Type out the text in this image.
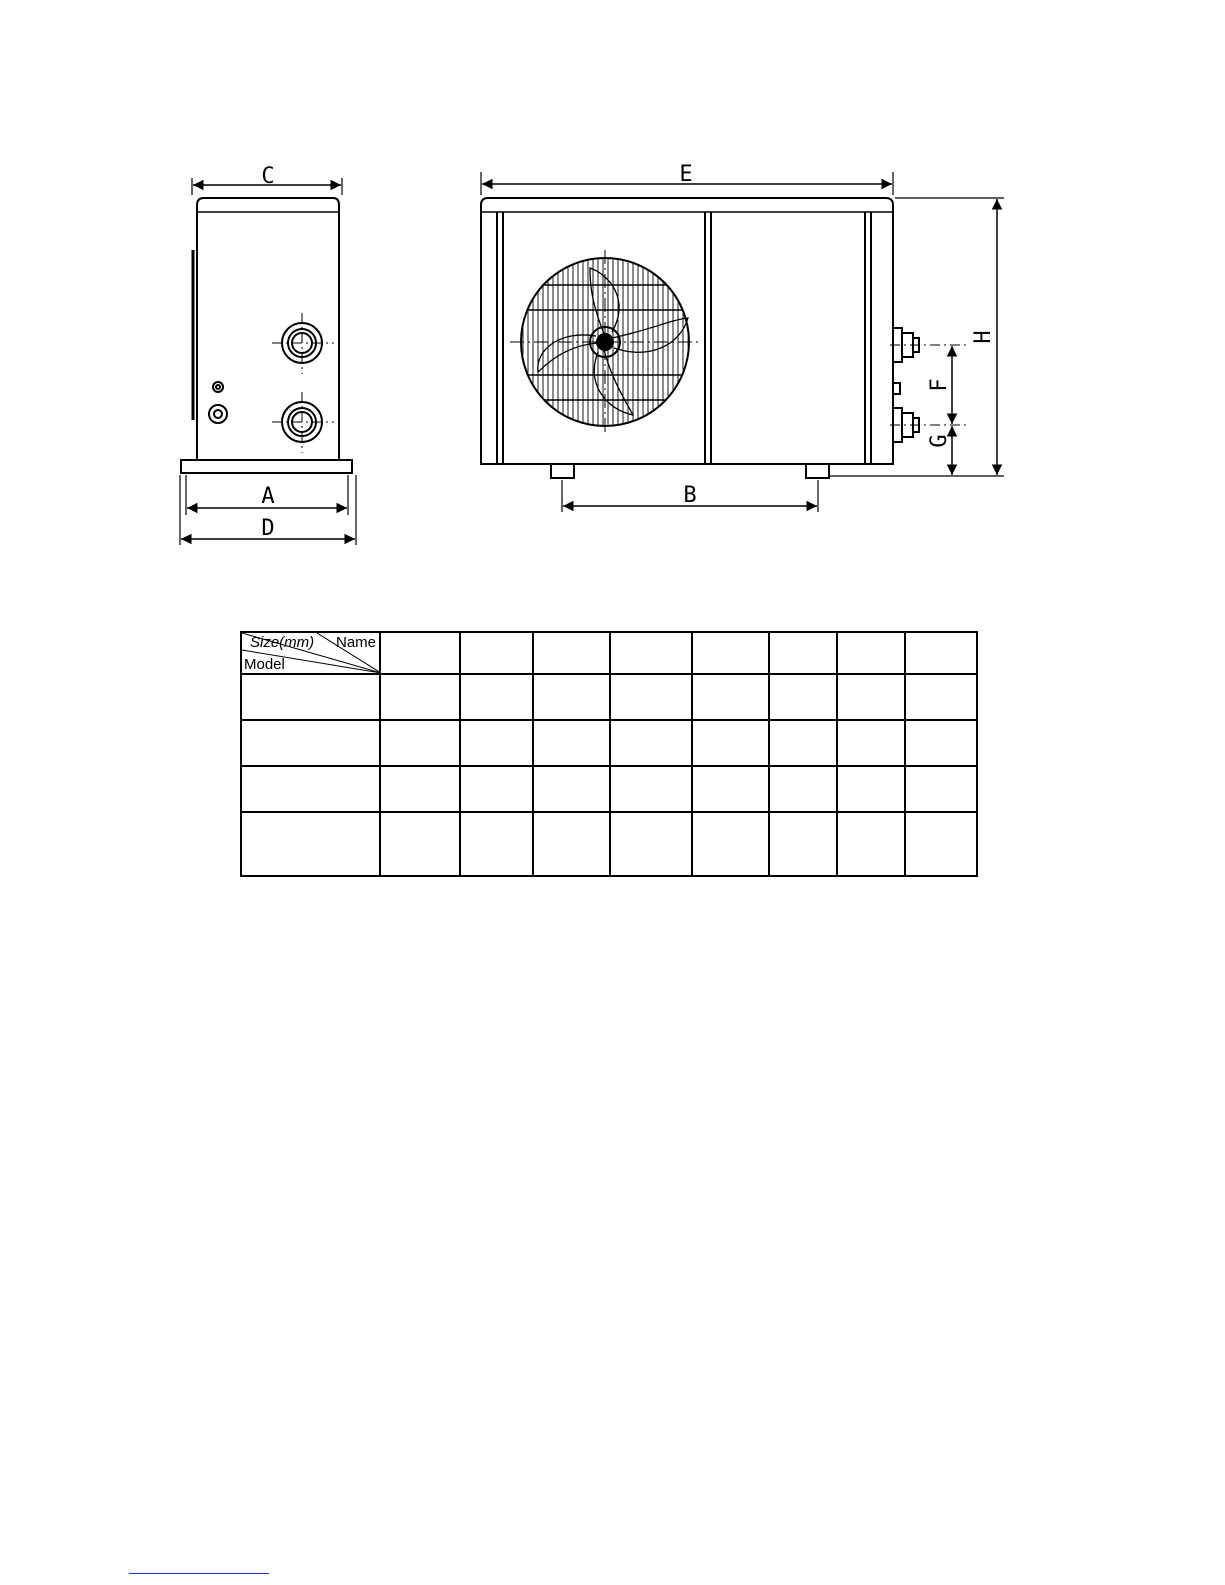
C
A
D
E
B
H
F
G
Name
Size(mm)
Model								
